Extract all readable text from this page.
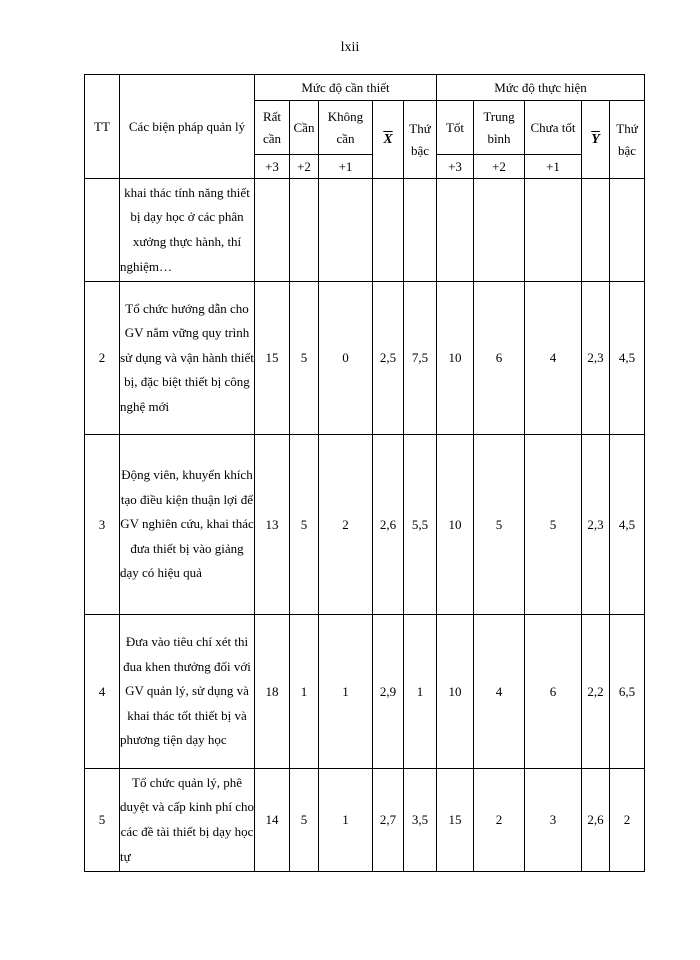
lxii
TT	Các biện pháp quản lý	Mức độ cần thiết					Mức độ thực hiện				
		Rất cần	Cần	Không cần	$\overline{X}$	Thứ bậc	Tốt	Trung bình	Chưa tốt	$\overline{Y}$	Thứ bậc
		+3	+2	+1			+3	+2	+1		
	khai thác tính năng thiết bị dạy học ở các phân xưởng thực hành, thí nghiệm…										
2	Tổ chức hướng dẫn cho GV nắm vững quy trình sử dụng và vận hành thiết bị, đặc biệt thiết bị công nghệ mới	15	5	0	2,5	7,5	10	6	4	2,3	4,5
3	Động viên, khuyến khích tạo điều kiện thuận lợi để GV nghiên cứu, khai thác đưa thiết bị vào giảng dạy có hiệu quả	13	5	2	2,6	5,5	10	5	5	2,3	4,5
4	Đưa vào tiêu chí xét thi đua khen thưởng đối với GV quản lý, sử dụng và khai thác tốt thiết bị và phương tiện dạy học	18	1	1	2,9	1	10	4	6	2,2	6,5
5	Tổ chức quản lý, phê duyệt và cấp kinh phí cho các đề tài thiết bị dạy học tự	14	5	1	2,7	3,5	15	2	3	2,6	2
